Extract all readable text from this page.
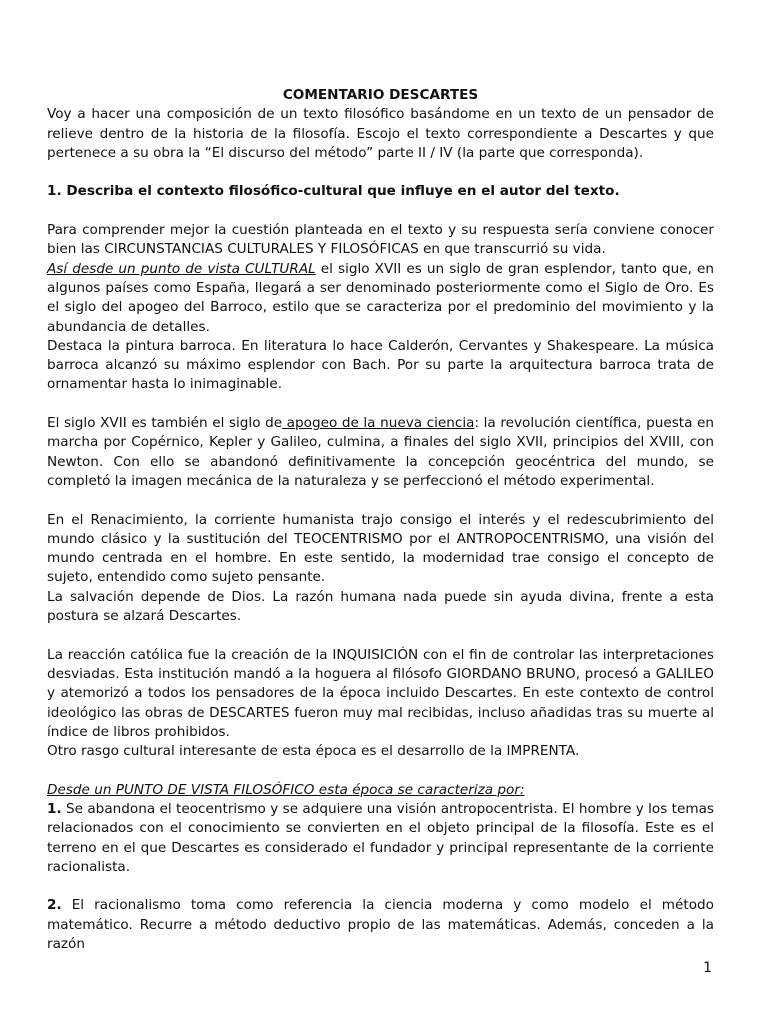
COMENTARIO DESCARTES

Voy a hacer una composición de un texto filosófico basándome en un texto de un pensador de relieve dentro de la historia de la filosofía. Escojo el texto correspondiente a Descartes y que pertenece a su obra la “El discurso del método” parte II / IV (la parte que corresponda).

1. Describa el contexto filosófico-cultural que influye en el autor del texto.

Para comprender mejor la cuestión planteada en el texto y su respuesta sería conviene conocer bien las CIRCUNSTANCIAS CULTURALES Y FILOSÓFICAS en que transcurrió su vida.

Así desde un punto de vista CULTURAL el siglo XVII es un siglo de gran esplendor, tanto que, en algunos países como España, llegará a ser denominado posteriormente como el Siglo de Oro. Es el siglo del apogeo del Barroco, estilo que se caracteriza por el predominio del movimiento y la abundancia de detalles.

Destaca la pintura barroca. En literatura lo hace Calderón, Cervantes y Shakespeare. La música barroca alcanzó su máximo esplendor con Bach. Por su parte la arquitectura barroca trata de ornamentar hasta lo inimaginable.

El siglo XVII es también el siglo de apogeo de la nueva ciencia: la revolución científica, puesta en marcha por Copérnico, Kepler y Galileo, culmina, a finales del siglo XVII, principios del XVIII, con Newton. Con ello se abandonó definitivamente la concepción geocéntrica del mundo, se completó la imagen mecánica de la naturaleza y se perfeccionó el método experimental.

En el Renacimiento, la corriente humanista trajo consigo el interés y el redescubrimiento del mundo clásico y la sustitución del TEOCENTRISMO por el ANTROPOCENTRISMO, una visión del mundo centrada en el hombre. En este sentido, la modernidad trae consigo el concepto de sujeto, entendido como sujeto pensante.

La salvación depende de Dios. La razón humana nada puede sin ayuda divina, frente a esta postura se alzará Descartes.

La reacción católica fue la creación de la INQUISICIÓN con el fin de controlar las interpretaciones desviadas. Esta institución mandó a la hoguera al filósofo GIORDANO BRUNO, procesó a GALILEO y atemorizó a todos los pensadores de la época incluido Descartes. En este contexto de control ideológico las obras de DESCARTES fueron muy mal recibidas, incluso añadidas tras su muerte al índice de libros prohibidos.

Otro rasgo cultural interesante de esta época es el desarrollo de la IMPRENTA.

Desde un PUNTO DE VISTA FILOSÓFICO esta época se caracteriza por:

1. Se abandona el teocentrismo y se adquiere una visión antropocentrista. El hombre y los temas relacionados con el conocimiento se convierten en el objeto principal de la filosofía. Este es el terreno en el que Descartes es considerado el fundador y principal representante de la corriente racionalista.

2. El racionalismo toma como referencia la ciencia moderna y como modelo el método matemático. Recurre a método deductivo propio de las matemáticas. Además, conceden a la razón

1
